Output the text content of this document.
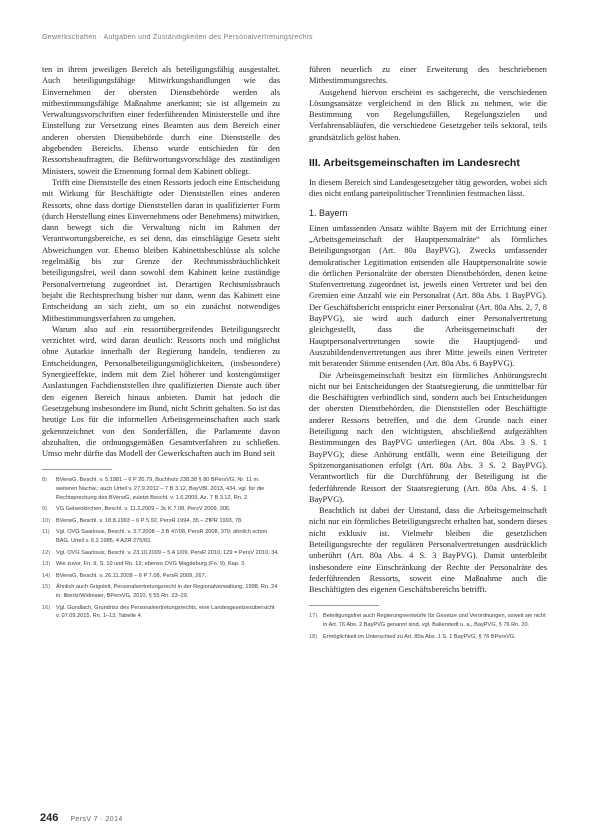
Gewerkschaften · Aufgaben und Zuständigkeiten des Personalvertretungsrechts

ten in ihrem jeweiligen Bereich als beteiligungsfähig ausgestaltet. Auch beteiligungsfähige Mitwirkungshandlungen wie das Einvernehmen der obersten Dienstbehörde werden als mitbestimmungsfähige Maßnahme anerkannt; sie ist allgemein zu Verwaltungsvorschriften einer federführenden Ministerstelle und ihre Einstellung zur Versetzung eines Beamten aus dem Bereich einer anderen obersten Dienstbehörde durch eine Dienststelle des abgebenden Bereichs. Ebenso wurde entschieden für den Ressortsbeauftragten, die Befürwortungsvorschläge des zuständigen Ministers, soweit die Ernennung formal dem Kabinett obliegt.

Trifft eine Dienststelle des einen Ressorts jedoch eine Entscheidung mit Wirkung für Beschäftigte oder Dienststellen eines anderen Ressorts, ohne dass dortige Dienststellen daran in qualifizierter Form (durch Herstellung eines Einvernehmens oder Benehmens) mitwirken, dann bewegt sich die Verwaltung nicht im Rahmen der Verantwortungsbereiche, es sei denn, das einschlägige Gesetz sieht Abweichungen vor. Ebenso bleiben Kabinettsbeschlüsse als solche regelmäßig bis zur Grenze der Rechtsmissbräuchlichkeit beteiligungsfrei, weil dann sowohl dem Kabinett keine zuständige Personalvertretung zugeordnet ist. Derartigen Rechtsmissbrauch bejaht die Rechtsprechung bisher nur dann, wenn das Kabinett eine Entscheidung an sich zieht, um so ein zunächst notwendiges Mitbestimmungsverfahren zu umgehen.

Warum also auf ein ressortübergreifendes Beteiligungsrecht verzichtet wird, wird daran deutlich: Ressorts noch und möglichst ohne Autarkie innerhalb der Regierung handeln, tendieren zu Entscheidungen, Personalbeteiligungsmöglichkeiten, (insbesondere) Synergieeffekte, indem mit dem Ziel höherer und kostengünstiger Auslastungen Fachdienststellen ihre qualifizierten Dienste auch über den eigenen Bereich hinaus anbieten. Damit hat jedoch die Gesetzgebung insbesondere im Bund, nicht Schritt gehalten. So ist das heutige Los für die informellen Arbeitsgemeinschaften auch stark gekennzeichnet von den Sonderfällen, die Parlamente davon abzuhalten, die ordnungsgemäßen Gesamtverfahren zu schließen. Umso mehr dürfte das Modell der Gewerkschaften auch im Bund seit

8)	BVerwG, Beschl. v. 5.1981 – 6 P 20.79, Buchholz 238.38 § 80 BPersVG, Nr. 11 m. weiteren Nachw.; auch Urteil v. 27.9.2012 – 7 B 3.12, BayVBl. 2013, 434, vgl. für die Rechtsprechung des BVerwG, zuletzt Beschl. v. 1.6.2009, Az. 7 B 3.12, Rn. 2.
9)	VG Gelsenkirchen, Beschl. v. 11.2.2009 – 3c K 7.08, PersV 2009, 306.
10)	BVerwG, Beschl. v. 18.8.1993 – 6 P 5.92, PersR 1994, 35 – ZfPR 1993, 78.
11)	Vgl. OVG Saarlouis, Beschl. v. 3.7.2008 – 3 B 47/08, PersR 2008, 379; ähnlich schon BAG, Urteil v. 6.2.1985, 4 AZR 275/83.
12)	Vgl. OVG Saarlouis, Beschl. v. 23.10.2009 – 5 A 1/09, PersR 2010, 129 = PersV 2010, 34.
13)	Wie zuvor, Fn. 9, S. 10 und Rn. 12; ebenso OVG Magdeburg (Fn. 9), Kap. 3.
14)	BVerwG, Beschl. v. 26.11.2008 – 6 P 7.08, PersR 2009, 267.
15)	Ähnlich auch Grigoleit, Personalvertretungsrecht in der Regionalverwaltung, 1998, Rn. 24 in: Ilbertz/Widmaier, BPersVG, 2010, § 55 Rn. 23–29.
16)	Vgl. Gundlach, Grundriss des Personalvertretungsrechts, eine Landesgesetzesübersicht v. 07.09.2015, Rn. 1–13, Tabelle 4.

führen neuerlich zu einer Erweiterung des beschriebenen Mitbestimmungsrechts.

Ausgehend hiervon erscheint es sachgerecht, die verschiedenen Lösungsansätze vergleichend in den Blick zu nehmen, wie die Bestimmung von Regelungsfällen, Regelungszielen und Verfahrensabläufen, die verschiedene Gesetzgeber teils sektoral, teils grundsätzlich gelöst haben.

III. Arbeitsgemeinschaften im Landesrecht

In diesem Bereich sind Landesgesetzgeber tätig geworden, wobei sich dies nicht entlang parteipolitischer Trennlinien festmachen lässt.

1. Bayern

Einen umfassenden Ansatz wählte Bayern mit der Errichtung einer „Arbeitsgemeinschaft der Hauptpersonalräte“ als förmliches Beteiligungsorgan (Art. 80a BayPVG). Zwecks umfassender demokratischer Legitimation entsenden alle Hauptpersonalräte sowie die örtlichen Personalräte der obersten Dienstbehörden, denen keine Stufenvertretung zugeordnet ist, jeweils einen Vertreter und bei den Gremien eine Anzahl wie ein Personalrat (Art. 80a Abs. 1 BayPVG). Der Geschäftsbericht entspricht einer Personalrat (Art. 80a Abs. 2, 7, 8 BayPVG), sie wird auch dadurch einer Personalvertretung gleichgestellt, dass die Arbeitsgemeinschaft der Hauptpersonalvertretungen sowie die Hauptjugend- und Auszubildendenvertretungen aus ihrer Mitte jeweils einen Vertreter mit beratender Stimme entsenden (Art. 80a Abs. 6 BayPVG).

Die Arbeitsgemeinschaft besitzt ein förmliches Anhörungsrecht nicht nur bei Entscheidungen der Staatsregierung, die unmittelbar für die Beschäftigten verbindlich sind, sondern auch bei Entscheidungen der obersten Dienstbehörden, die Dienststellen oder Beschäftigte anderer Ressorts betreffen, und die dem Grunde nach einer Beteiligung nach den wichtigsten, abschließend aufgezählten Bestimmungen des BayPVG unterliegen (Art. 80a Abs. 3 S. 1 BayPVG); diese Anhörung entfällt, wenn eine Beteiligung der Spitzenorganisationen erfolgt (Art. 80a Abs. 3 S. 2 BayPVG). Verantwortlich für die Durchführung der Beteiligung ist die federführende Ressort der Staatsregierung (Art. 80a Abs. 4 S. 1 BayPVG).

Beachtlich ist dabei der Umstand, dass die Arbeitsgemeinschaft nicht nur ein förmliches Beteiligungsrecht erhalten hat, sondern dieses nicht exklusiv ist. Vielmehr bleiben die gesetzlichen Beteiligungsrechte der regulären Personalvertretungen ausdrücklich unberührt (Art. 80a Abs. 4 S. 3 BayPVG). Damit unterbleibt insbesondere eine Einschränkung der Rechte der Personalräte des federführenden Ressorts, soweit eine Maßnahme auch die Beschäftigten des eigenen Geschäftsbereichs betrifft.

17)	Beteiligungsfrei auch Regierungsentwürfe für Gesetze und Verordnungen, soweit sie nicht in Art. 76 Abs. 2 BayPVG genannt sind, vgl. Ballerstedt u. a., BayPVG, § 76 Rn. 20.
18)	Ermöglichkeit im Unterschied zu Art. 80a Abs. 1 S. 1 BayPVG, § 76 BPersVG.
246 PersV 7 · 2014
